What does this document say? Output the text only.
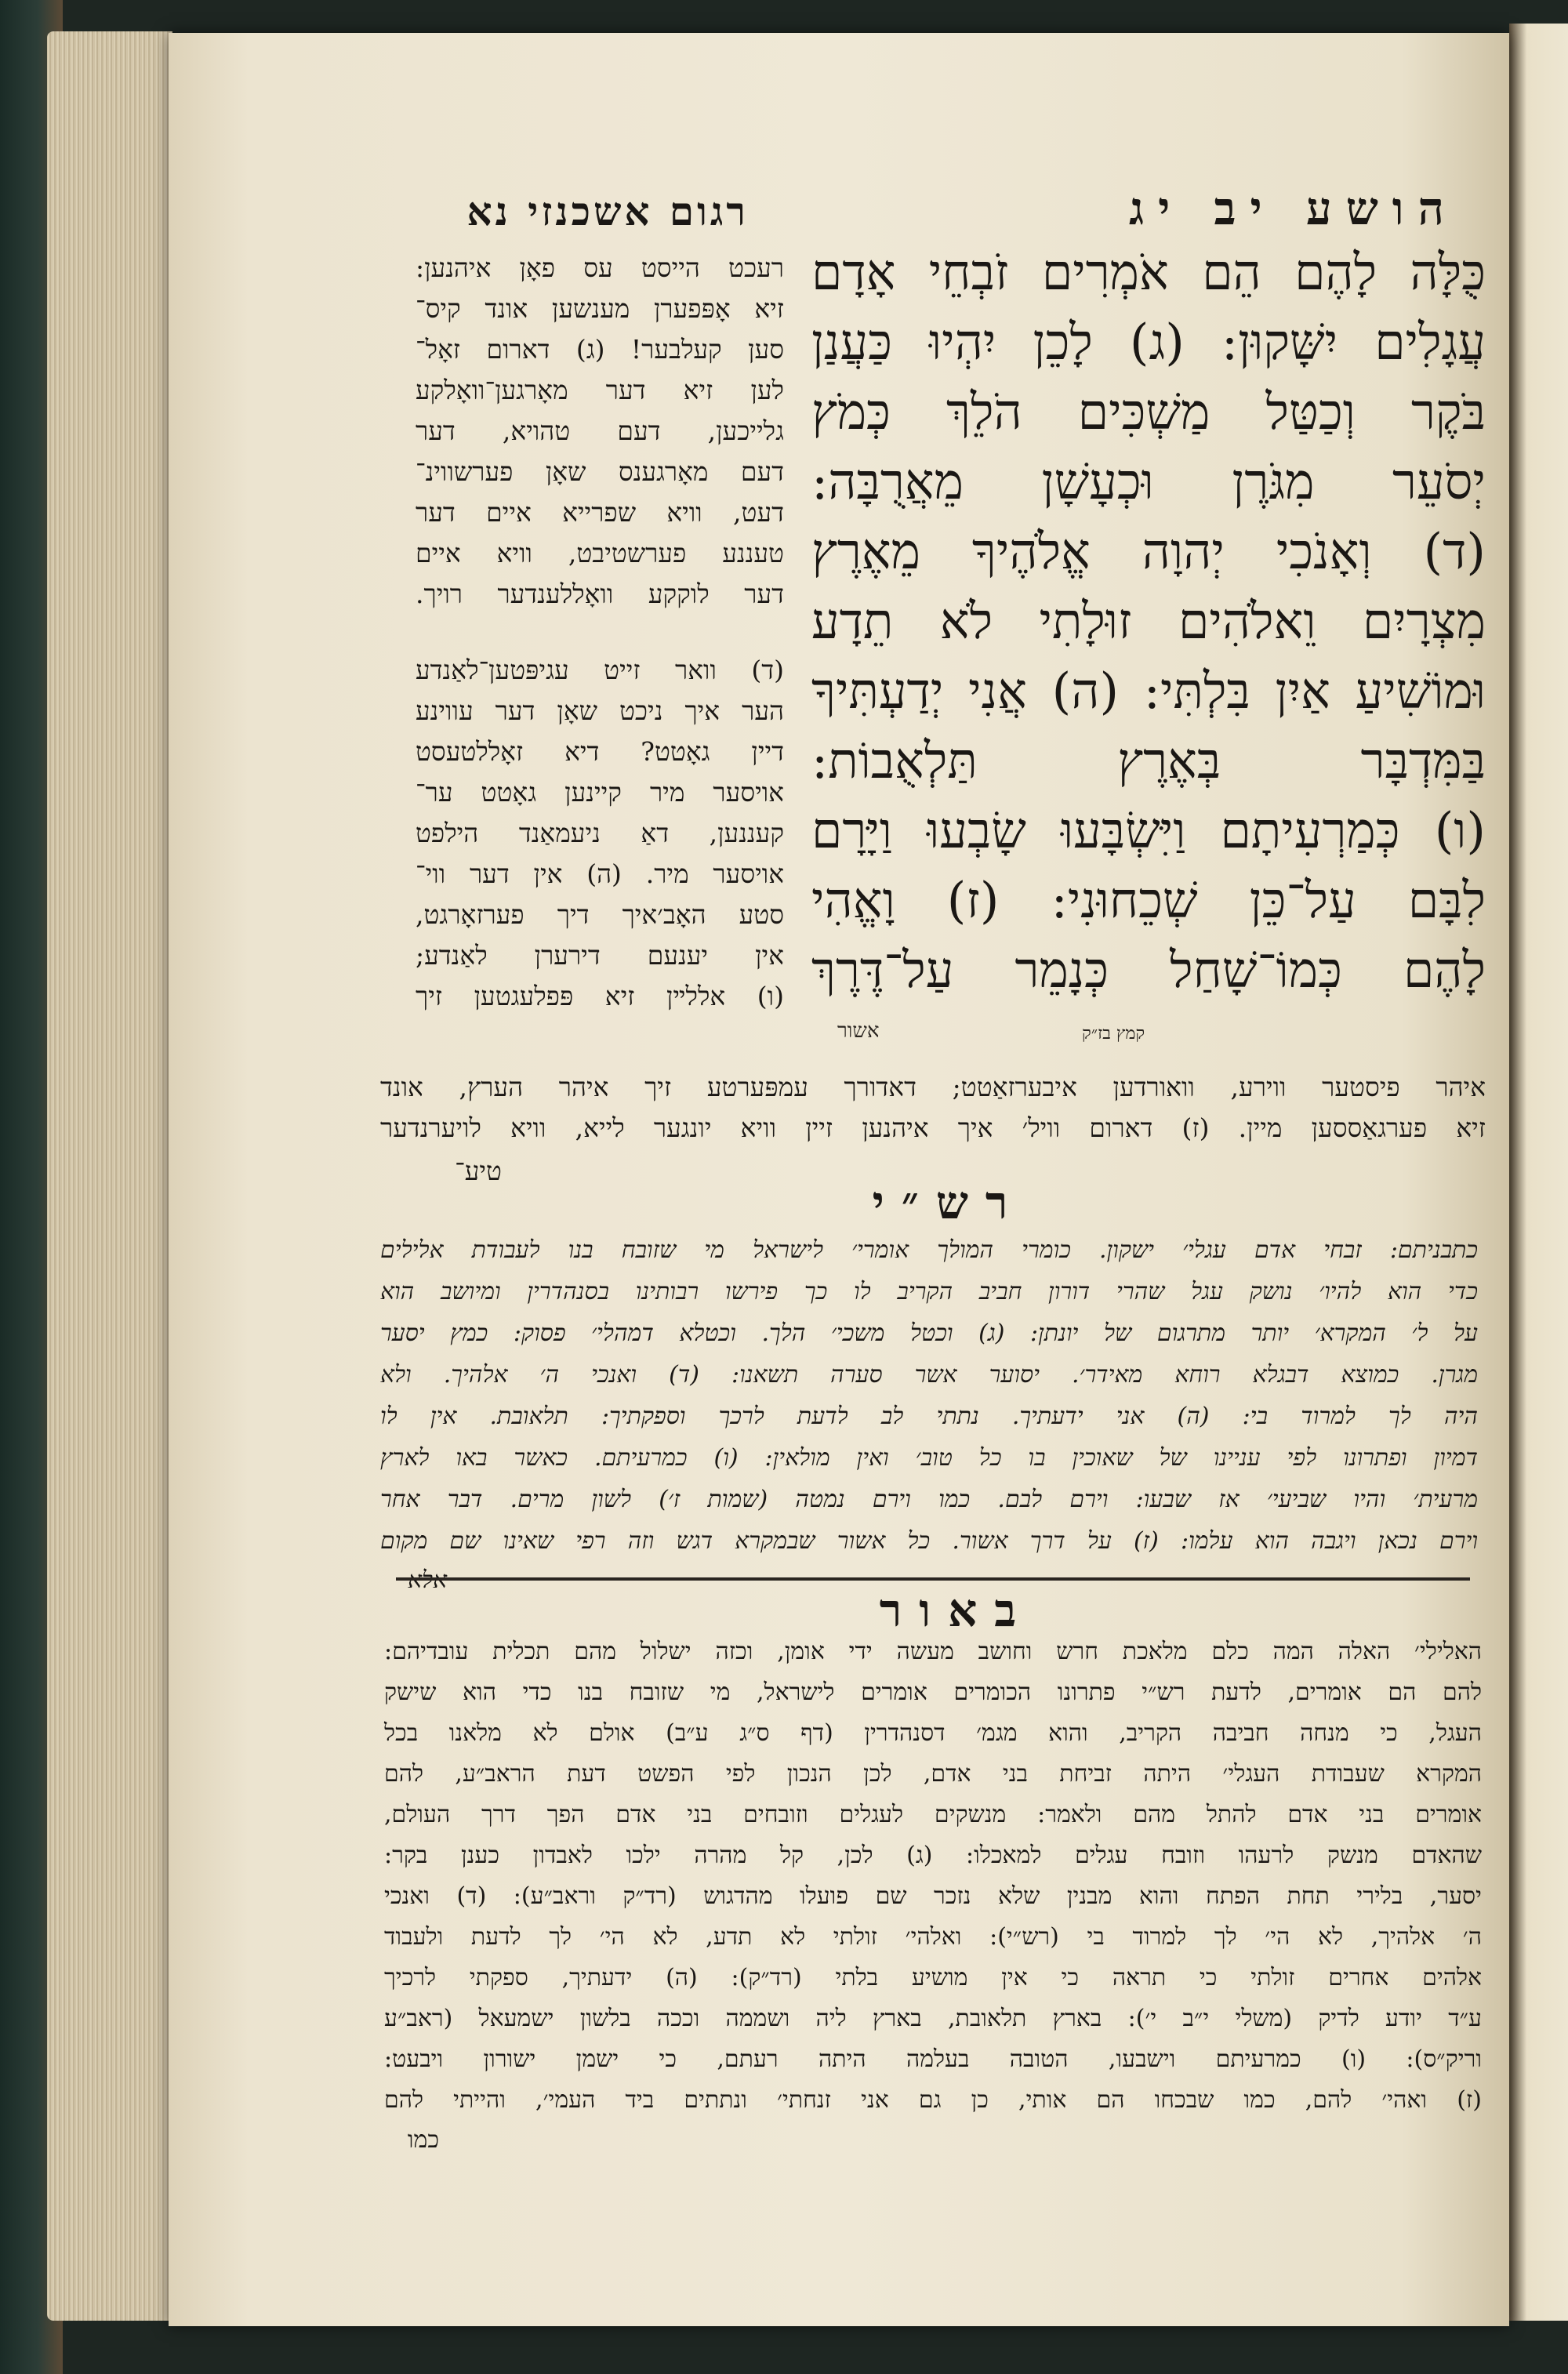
הושע יב יג
רגום אשכנזי נא
כֻּלָּה לָהֶם הֵם אֹמְרִים זֹבְחֵי אָדָם
עֲגָלִים יִשָּׁקוּן: (ג) לָכֵן יִהְיוּ כַּעֲנַן
בֹּקֶר וְכַטַּל מַשְׁכִּים הֹלֵךְ כְּמֹץ
יְסֹעֵר מִגֹּרֶן וּכְעָשָׁן מֵאֲרֻבָּה:
(ד) וְאָנֹכִי יְהוָה אֱלֹהֶיךָ מֵאֶרֶץ
מִצְרָיִם וֵאלֹהִים זוּלָתִי לֹא תֵדָע
וּמוֹשִׁיעַ אַיִן בִּלְתִּי: (ה) אֲנִי יְדַעְתִּיךָ
בַּמִּדְבָּר בְּאֶרֶץ תַּלְאֻבוֹת:
(ו) כְּמַרְעִיתָם וַיִּשְׂבָּעוּ שָׂבְעוּ וַיָּרָם
לִבָּם עַל־כֵּן שְׁכֵחוּנִי: (ז) וָאֱהִי
לָהֶם כְּמוֹ־שָׁחַל כְּנָמֵר עַל־דֶּרֶךְ
קמץ בז״ק
אשור
רעכט הייסט עס פאָן איהנען:
זיא אָפּפערן מענשען אונד קיס־
סען קעלבער! (ג) דארום זאָל־
לען זיא דער מאָרגען־וואָלקע
גלייכען, דעם טהויא, דער
דעם מאָרגענס שאָן פערשווינ־
דעט, וויא שפרייא איים דער
טעננע פערשטיבט, וויא איים
דער לוקקע וואָללענדער רויך.
(ד) וואר זייט עגיפּטען־לאַנדע
הער איך ניכט שאָן דער עווינע
דיין גאָטט? דיא זאָללטעסט
אויסער מיר קיינען גאָטט ער־
קעננען, דאַ ניעמאַנד הילפט
אויסער מיר. (ה) אין דער ווי־
סטע האָב׳איך דיך פערזאָרגט,
אין יענעם דירערן לאַנדע;
(ו) אללײן זיא פּפלעגטען זיך
איהר פיסטער ווירע, וואורדען איבערזאַטט; דאדורך עמפּערטע זיך איהר הערץ, אונד
זיא פערגאַססען מיין. (ז) דארום וויל׳ איך איהנען זיין וויא יונגער לייא, וויא לויערנדער
טיע־
רש״י
כתבניתם: זבחי אדם עגלי׳ ישקון. כומרי המולך אומרי׳ לישראל מי שזובח בנו לעבודת אלילים
כדי הוא להיו׳ נושק עגל שהרי דורון חביב הקריב לו כך פירשו רבותינו בסנהדרין ומיושב הוא
על ל׳ המקרא׳ יותר מתרגום של יונתן: (ג) וכטל משכי׳ הלך. וכטלא דמהלי׳ פסוק: כמץ יסער
מגרן. כמוצא דבגלא רוחא מאידר׳. יסוער אשר סערה תשאנו: (ד) ואנכי ה׳ אלהיך. ולא
היה לך למרוד בי: (ה) אני ידעתיך. נתתי לב לדעת לרכך וספקתיך: תלאובת. אין לו
דמיון ופתרונו לפי עניינו של שאוכין בו כל טוב׳ ואין מולאין: (ו) כמרעיתם. כאשר באו לארץ
מרעית׳ והיו שביעי׳ אז שבעו: וירם לבם. כמו וירם נמטה (שמות ז׳) לשון מרים. דבר אחר
וירם נכאן ויגבה הוא עלמו: (ז) על דרך אשור. כל אשור שבמקרא דגש וזה רפי שאינו שם מקום
באור
האלילי׳ האלה המה כלם מלאכת חרש וחושב מעשה ידי אומן, וכזה ישלול מהם תכלית עובדיהם:
להם הם אומרים, לדעת רש״י פתרונו הכומרים אומרים לישראל, מי שזובח בנו כדי הוא שישק
העגל, כי מנחה חביבה הקריב, והוא מגמ׳ דסנהדרין (דף ס״ג ע״ב) אולם לא מלאנו בכל
המקרא שעבודת העגלי׳ היתה זביחת בני אדם, לכן הנכון לפי הפשט דעת הראב״ע, להם
אומרים בני אדם להתל מהם ולאמר: מנשקים לעגלים וזובחים בני אדם הפך דרך העולם,
שהאדם מנשק לרעהו וזובח עגלים למאכלו: (ג) לכן, קל מהרה ילכו לאבדון כענן בקר:
יסער, בלירי תחת הפתח והוא מבנין שלא נזכר שם פועלו מהדגוש (רד״ק וראב״ע): (ד) ואנכי
ה׳ אלהיך, לא הי׳ לך למרוד בי (רש״י): ואלהי׳ זולתי לא תדע, לא הי׳ לך לדעת ולעבוד
אלהים אחרים זולתי כי תראה כי אין מושיע בלתי (רד״ק): (ה) ידעתיך, ספקתי לרכיך
ע״ד יודע לדיק (משלי י״ב י׳): בארץ תלאובת, בארץ ליה ושממה וככה בלשון ישמעאל (ראב״ע
וריק״ס): (ו) כמרעיתם וישבעו, הטובה בעלמה היתה רעתם, כי ישמן ישורון ויבעט:
(ז) ואהי׳ להם, כמו שבכחו הם אותי, כן גם אני זנחתי׳ ונתתים ביד העמי׳, והייתי להם
כמו
